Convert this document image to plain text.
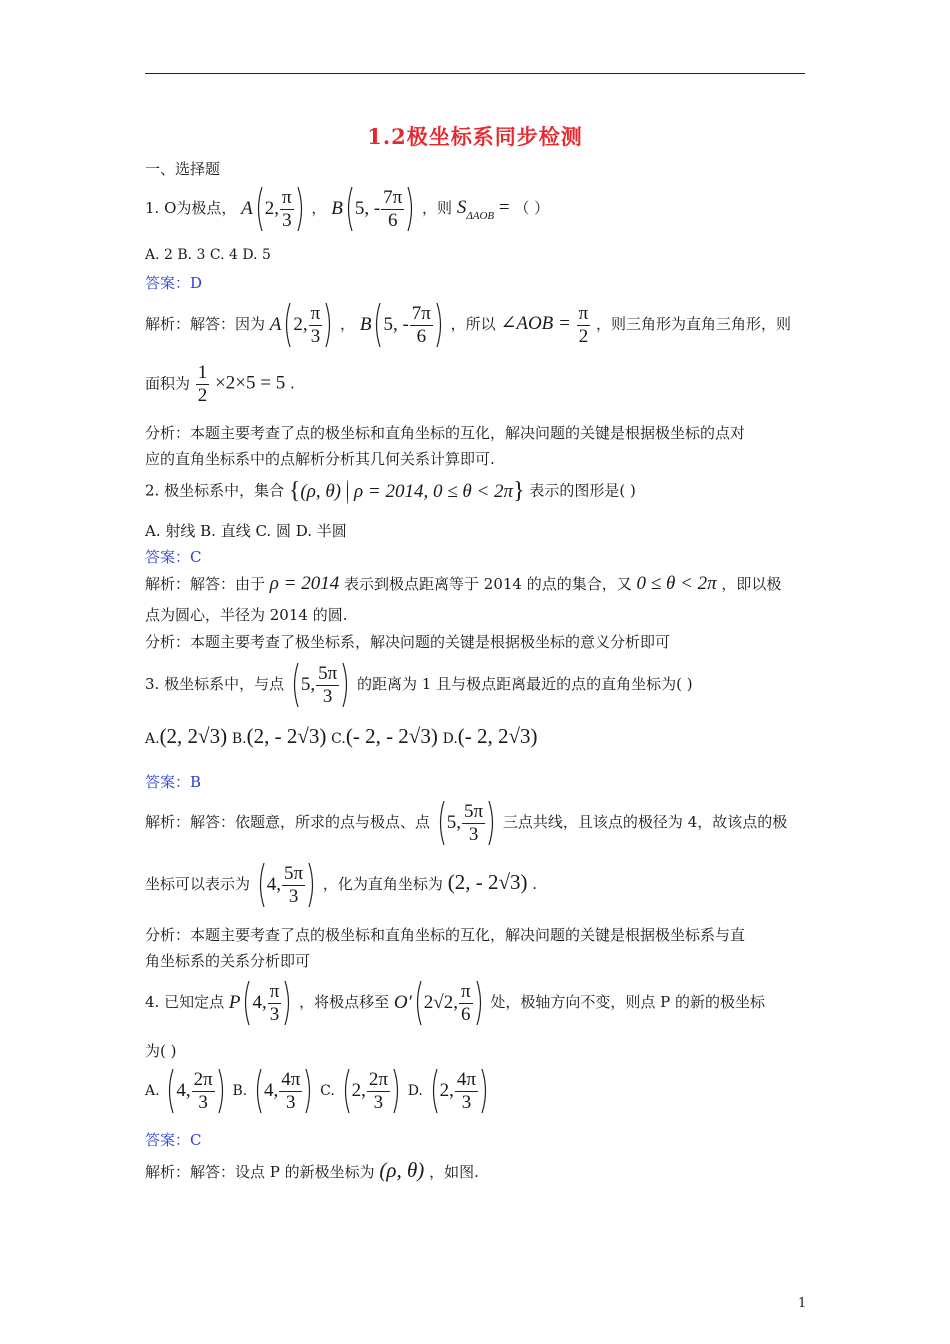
1.2极坐标系同步检测
一、选择题
1. O为极点， A 2, $\frac{\pi}{3}$ ， B 5, - $\frac{7\pi}{6}$ ，则 $S_{\Delta AOB}$ = （ ）
A. 2 B. 3 C. 4 D. 5
答案：D
解析：解答：因为 A 2, $\frac{\pi}{3}$ ， B 5, - $\frac{7\pi}{6}$ ，所以 ∠AOB = $\frac{\pi}{2}$ ，则三角形为直角三角形，则
面积为 $\frac{1}{2} \times 2\times 5 = 5$ .
分析：本题主要考查了点的极坐标和直角坐标的互化，解决问题的关键是根据极坐标的点对
应的直角坐标系中的点解析分析其几何关系计算即可.
2. 极坐标系中，集合 { (ρ, θ) ρ = 2014, 0 ≤ θ < 2π } 表示的图形是( )
A. 射线 B. 直线 C. 圆 D. 半圆
答案：C
解析：解答：由于 ρ = 2014 表示到极点距离等于 2014 的点的集合，又 0 ≤ θ < 2π ，即以极
点为圆心，半径为 2014 的圆.
分析：本题主要考查了极坐标系，解决问题的关键是根据极坐标的意义分析即可
3. 极坐标系中，与点 5, $\frac{5\pi}{3}$ 的距离为 1 且与极点距离最近的点的直角坐标为( )
A.(2, 2√3) B.(2, - 2√3) C.(- 2, - 2√3) D.(- 2, 2√3)
答案：B
解析：解答：依题意，所求的点与极点、点 5, $\frac{5\pi}{3}$ 三点共线，且该点的极径为 4，故该点的极
坐标可以表示为 4, $\frac{5\pi}{3}$ ，化为直角坐标为 (2, - 2√3) .
分析：本题主要考查了点的极坐标和直角坐标的互化，解决问题的关键是根据极坐标系与直
角坐标系的关系分析即可
4. 已知定点 P 4, $\frac{\pi}{3}$ ，将极点移至 O′ 2√2, $\frac{\pi}{6}$ 处，极轴方向不变，则点 P 的新的极坐标
为( )
A. 4, $\frac{2\pi}{3} B$. 4, $\frac{4\pi}{3} C$. 2, $\frac{2\pi}{3} D$. 2, $\frac{4\pi}{3}$
答案：C
解析：解答：设点 P 的新极坐标为 (ρ, θ) ，如图.
1
